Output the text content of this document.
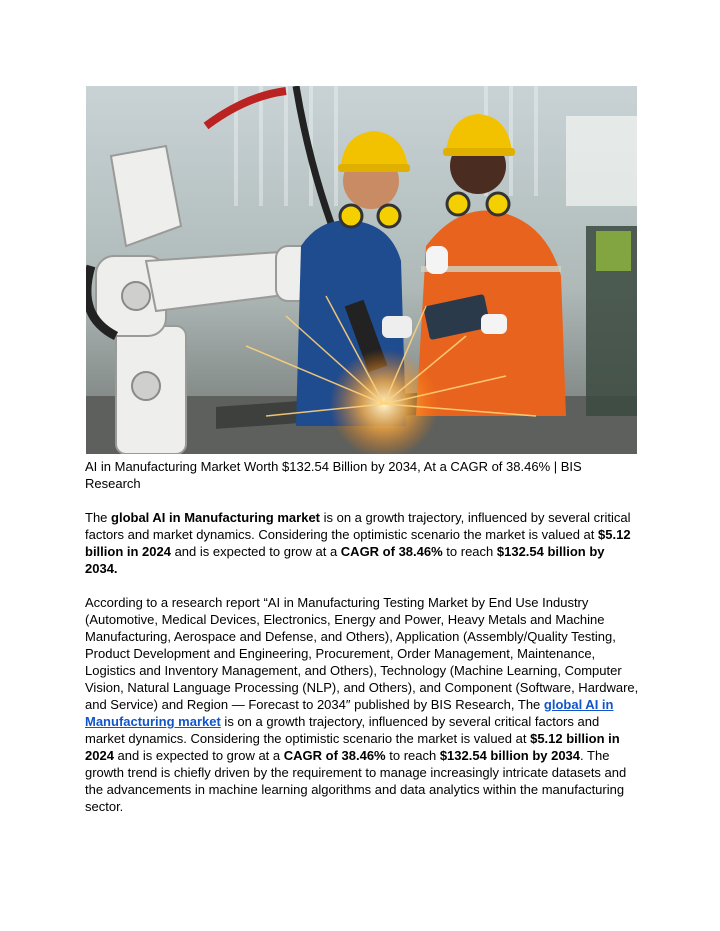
AI in Manufacturing Market Worth $132.54 Billion by 2034, At a CAGR of 38.46% | BIS Research

The global AI in Manufacturing market is on a growth trajectory, influenced by several critical factors and market dynamics. Considering the optimistic scenario the market is valued at $5.12 billion in 2024 and is expected to grow at a CAGR of 38.46% to reach $132.54 billion by 2034.

According to a research report “AI in Manufacturing Testing Market by End Use Industry (Automotive, Medical Devices, Electronics, Energy and Power, Heavy Metals and Machine Manufacturing, Aerospace and Defense, and Others), Application (Assembly/Quality Testing, Product Development and Engineering, Procurement, Order Management, Maintenance, Logistics and Inventory Management, and Others), Technology (Machine Learning, Computer Vision, Natural Language Processing (NLP), and Others), and Component (Software, Hardware, and Service) and Region — Forecast to 2034″ published by BIS Research, The global AI in Manufacturing market is on a growth trajectory, influenced by several critical factors and market dynamics. Considering the optimistic scenario the market is valued at $5.12 billion in 2024 and is expected to grow at a CAGR of 38.46% to reach $132.54 billion by 2034. The growth trend is chiefly driven by the requirement to manage increasingly intricate datasets and the advancements in machine learning algorithms and data analytics within the manufacturing sector.
